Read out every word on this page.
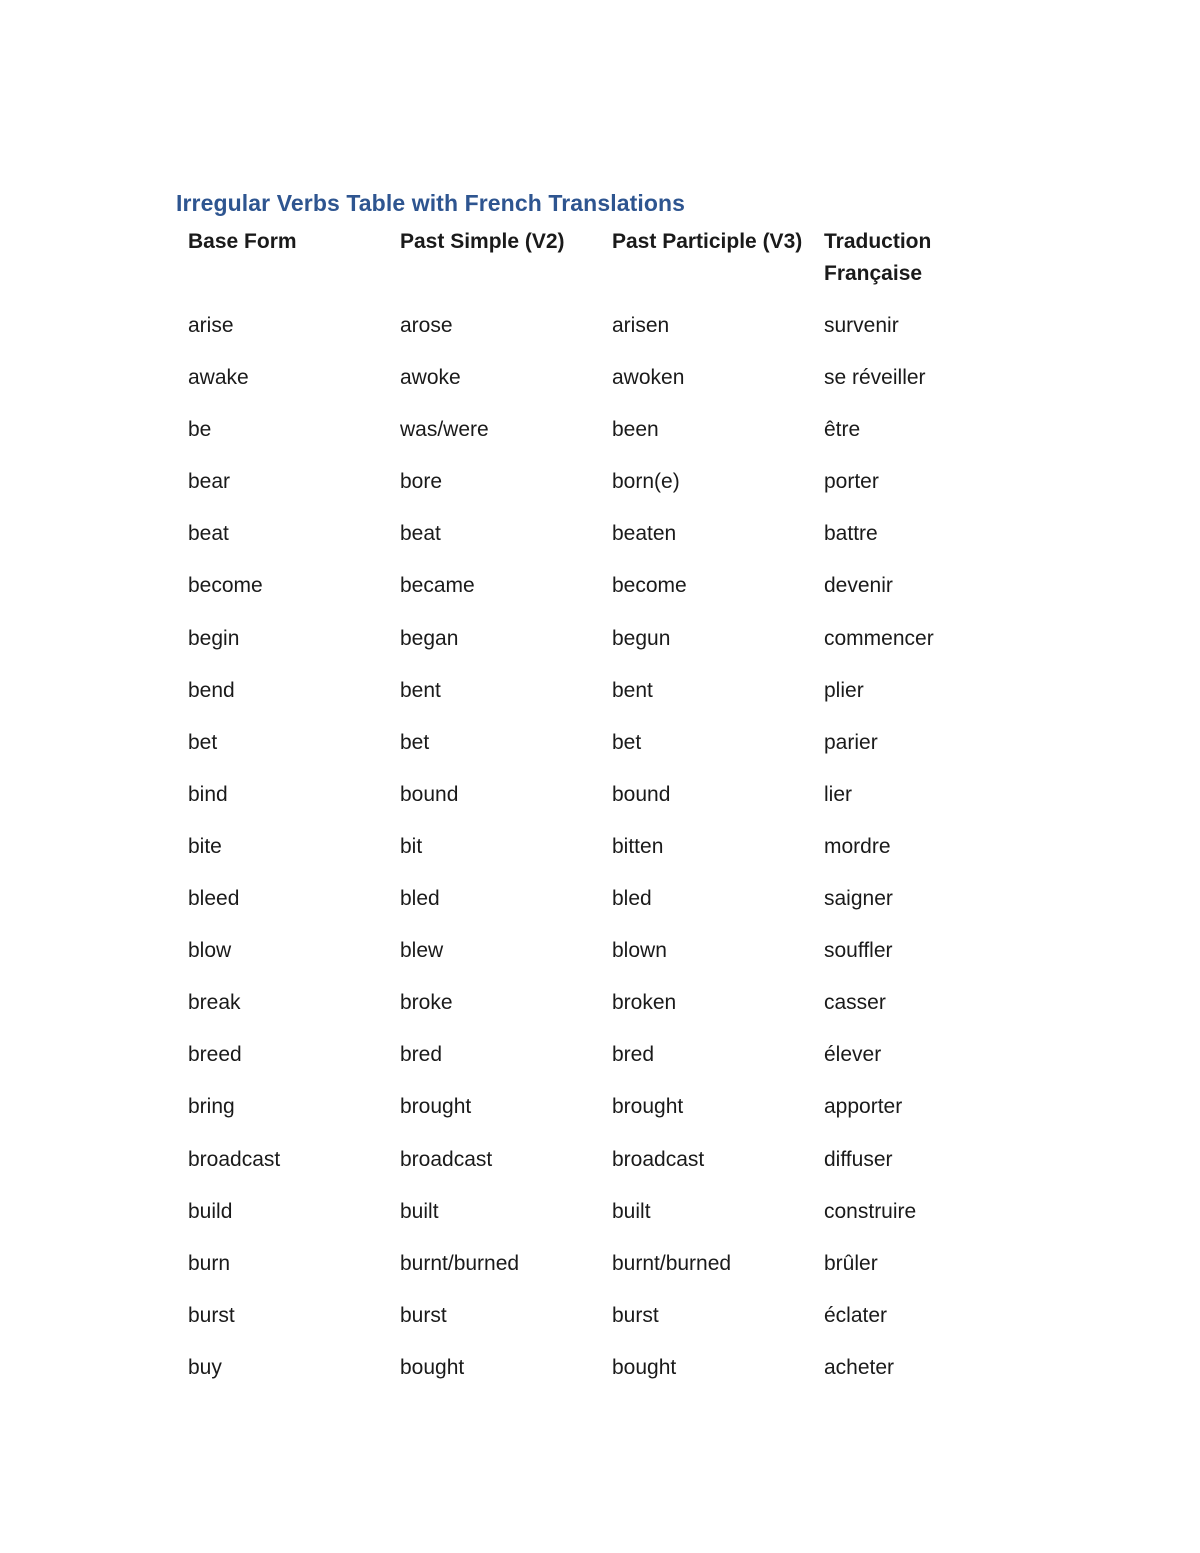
Irregular Verbs Table with French Translations
Base Form	Past Simple (V2)	Past Participle (V3)	Traduction Française
arise	arose	arisen	survenir
awake	awoke	awoken	se réveiller
be	was/were	been	être
bear	bore	born(e)	porter
beat	beat	beaten	battre
become	became	become	devenir
begin	began	begun	commencer
bend	bent	bent	plier
bet	bet	bet	parier
bind	bound	bound	lier
bite	bit	bitten	mordre
bleed	bled	bled	saigner
blow	blew	blown	souffler
break	broke	broken	casser
breed	bred	bred	élever
bring	brought	brought	apporter
broadcast	broadcast	broadcast	diffuser
build	built	built	construire
burn	burnt/burned	burnt/burned	brûler
burst	burst	burst	éclater
buy	bought	bought	acheter
